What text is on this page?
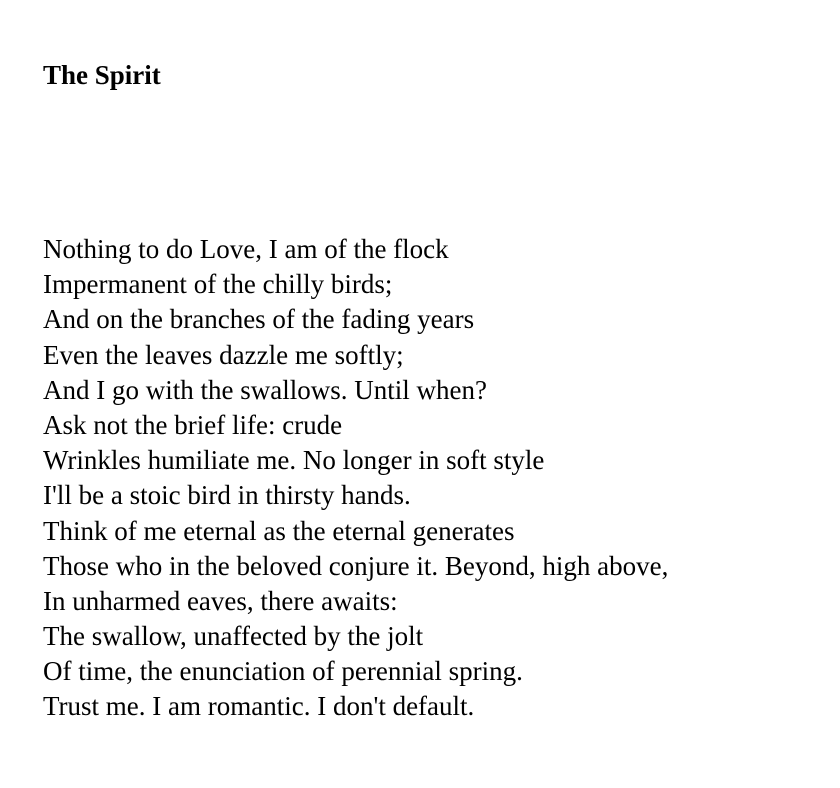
The Spirit
Nothing to do Love, I am of the flock
Impermanent of the chilly birds;
And on the branches of the fading years
Even the leaves dazzle me softly;
And I go with the swallows. Until when?
Ask not the brief life: crude
Wrinkles humiliate me. No longer in soft style
I'll be a stoic bird in thirsty hands.
Think of me eternal as the eternal generates
Those who in the beloved conjure it. Beyond, high above,
In unharmed eaves, there awaits:
The swallow, unaffected by the jolt
Of time, the enunciation of perennial spring.
Trust me. I am romantic. I don't default.
